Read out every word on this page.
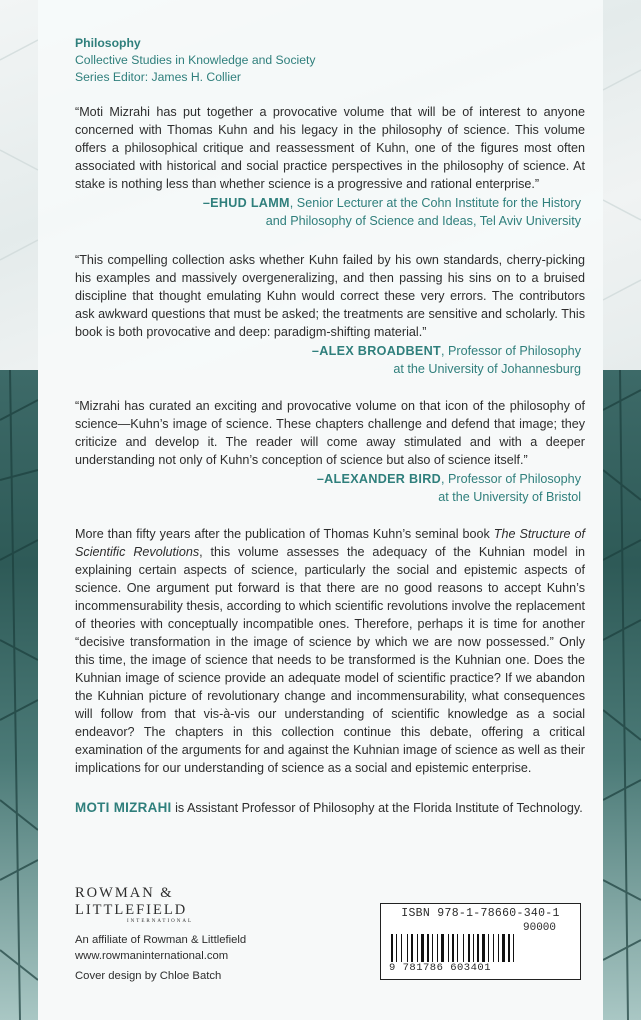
Philosophy
Collective Studies in Knowledge and Society
Series Editor: James H. Collier
“Moti Mizrahi has put together a provocative volume that will be of interest to anyone concerned with Thomas Kuhn and his legacy in the philosophy of science. This volume offers a philosophical critique and reassessment of Kuhn, one of the figures most often associated with historical and social practice perspectives in the philosophy of science. At stake is nothing less than whether science is a progressive and rational enterprise.”
–EHUD LAMM, Senior Lecturer at the Cohn Institute for the History
and Philosophy of Science and Ideas, Tel Aviv University
“This compelling collection asks whether Kuhn failed by his own standards, cherry-picking his examples and massively overgeneralizing, and then passing his sins on to a bruised discipline that thought emulating Kuhn would correct these very errors. The contributors ask awkward questions that must be asked; the treatments are sensitive and scholarly. This book is both provocative and deep: paradigm-shifting material.”
–ALEX BROADBENT, Professor of Philosophy
at the University of Johannesburg
“Mizrahi has curated an exciting and provocative volume on that icon of the philosophy of science—Kuhn’s image of science. These chapters challenge and defend that image; they criticize and develop it. The reader will come away stimulated and with a deeper understanding not only of Kuhn’s conception of science but also of science itself.”
–ALEXANDER BIRD, Professor of Philosophy
at the University of Bristol
More than fifty years after the publication of Thomas Kuhn’s seminal book The Structure of Scientific Revolutions, this volume assesses the adequacy of the Kuhnian model in explaining certain aspects of science, particularly the social and epistemic aspects of science. One argument put forward is that there are no good reasons to accept Kuhn’s incommensurability thesis, according to which scientific revolutions involve the replacement of theories with conceptually incompatible ones. Therefore, perhaps it is time for another “decisive transformation in the image of science by which we are now possessed.” Only this time, the image of science that needs to be transformed is the Kuhnian one. Does the Kuhnian image of science provide an adequate model of scientific practice? If we abandon the Kuhnian picture of revolutionary change and incommensurability, what consequences will follow from that vis-à-vis our understanding of scientific knowledge as a social endeavor? The chapters in this collection continue this debate, offering a critical examination of the arguments for and against the Kuhnian image of science as well as their implications for our understanding of science as a social and epistemic enterprise.
MOTI MIZRAHI is Assistant Professor of Philosophy at the Florida Institute of Technology.
ROWMAN &
LITTLEFIELD
INTERNATIONAL
An affiliate of Rowman & Littlefield
www.rowmaninternational.com
Cover design by Chloe Batch
ISBN 978-1-78660-340-1
90000
9 781786 603401
